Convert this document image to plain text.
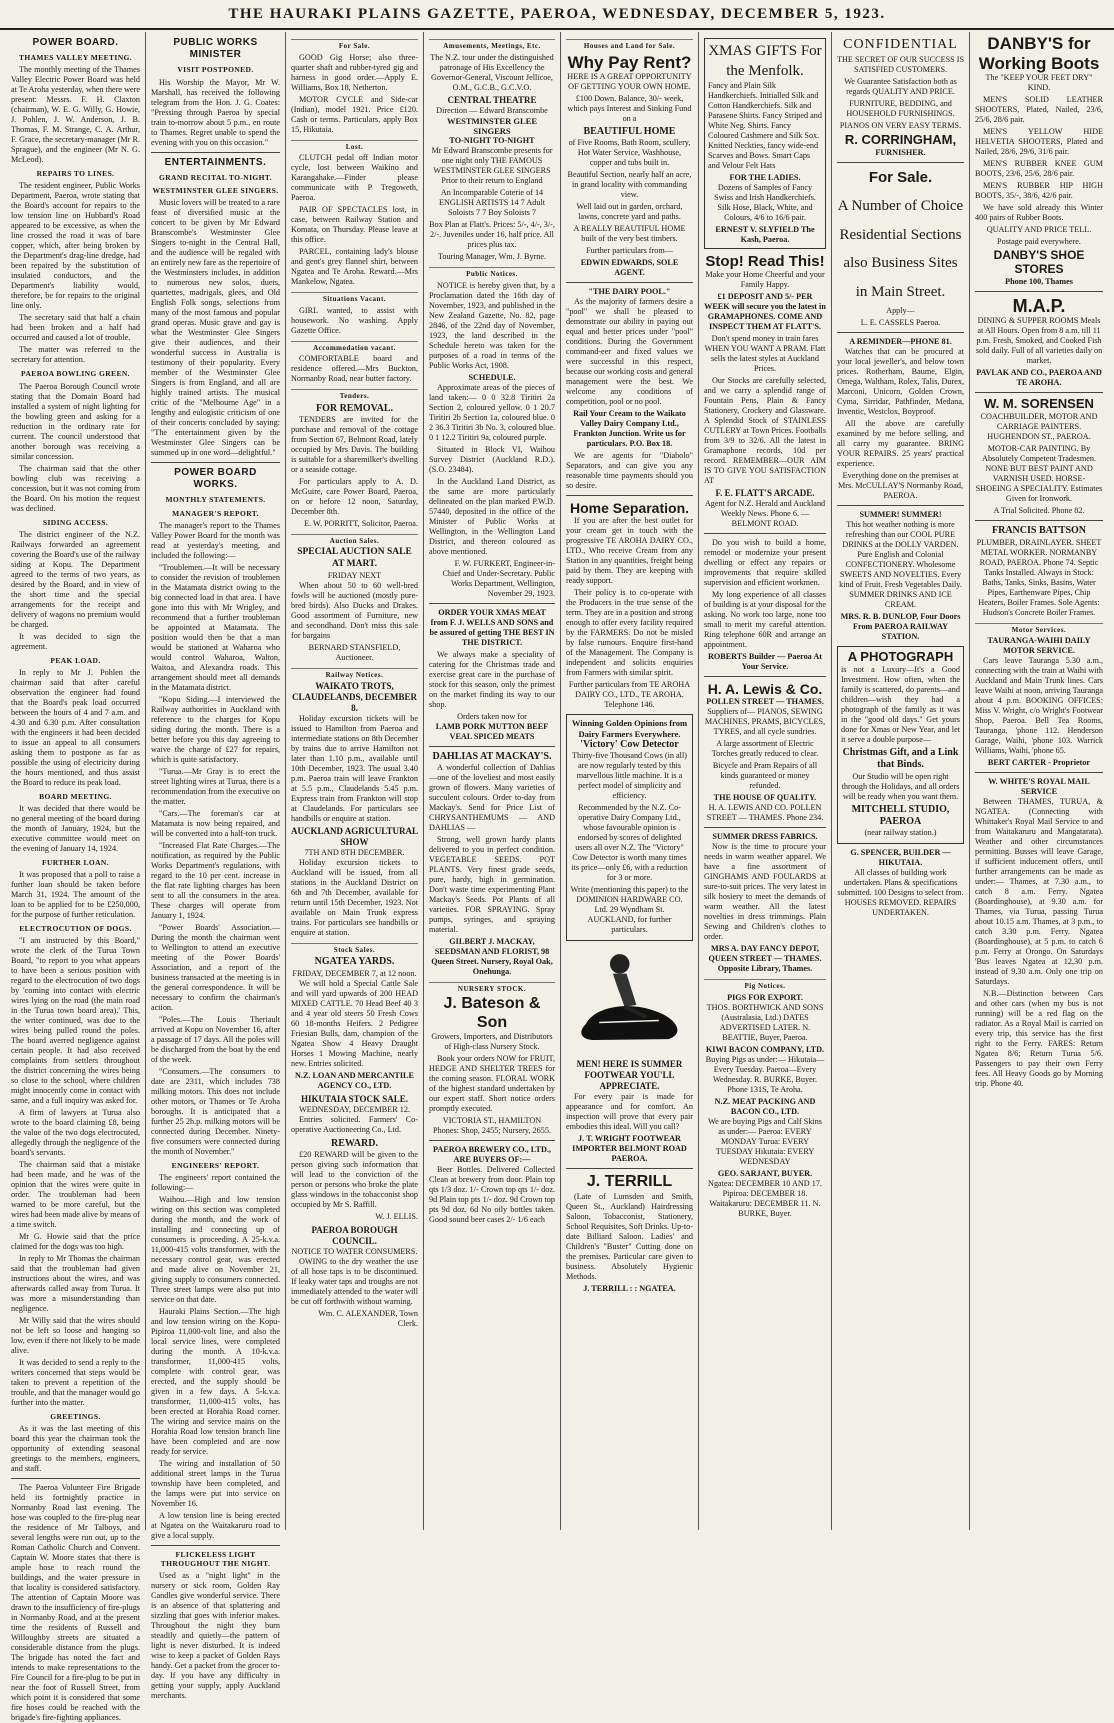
THE HAURAKI PLAINS GAZETTE, PAEROA, WEDNESDAY, DECEMBER 5, 1923.
POWER BOARD.
THAMES VALLEY MEETING.

The monthly meeting of the Thames Valley Electric Power Board was held at Te Aroha yesterday, when there were present: Messrs. F. H. Claxton (chairman), W. E. G. Willy, G. Howie, J. Pohlen, J. W. Anderson, J. B. Thomas, F. M. Strange, C. A. Arthur, F. Grace, the secretary-manager (Mr R. Sprague), and the engineer (Mr N. G. McLeod).

REPAIRS TO LINES.

The resident engineer, Public Works Department, Paeroa, wrote stating that the Board's account for repairs to the low tension line on Hubbard's Road appeared to be excessive, as when the line crossed the road it was of bare copper, which, after being broken by the Department's drag-line dredge, had been repaired by the substitution of insulated conductors, and the Department's liability would, therefore, be for repairs to the original line only.

The secretary said that half a chain had been broken and a half had occurred and caused a lot of trouble.

The matter was referred to the secretary for attention.

PAEROA BOWLING GREEN.

The Paeroa Borough Council wrote stating that the Domain Board had installed a system of night lighting for the bowling green and asking for a reduction in the ordinary rate for current. The council understood that another borough was receiving a similar concession.

The chairman said that the other bowling club was receiving a concession, but it was not coming from the Board. On his motion the request was declined.

SIDING ACCESS.

The district engineer of the N.Z. Railways forwarded an agreement covering the Board's use of the railway siding at Kopu. The Department agreed to the terms of two years, as desired by the Board, and in view of the short time and the special arrangements for the receipt and delivery of wagons no premium would be charged.

It was decided to sign the agreement.

PEAK LOAD.

In reply to Mr J. Pohlen the chairman said that after careful observation the engineer had found that the Board's peak load occurred between the hours of 4 and 7 a.m. and 4.30 and 6.30 p.m. After consultation with the engineers it had been decided to issue an appeal to all consumers asking them to postpone as far as possible the using of electricity during the hours mentioned, and thus assist the Board to reduce its peak load.

BOARD MEETING.

It was decided that there would be no general meeting of the board during the month of January, 1924, but the executive committee would meet on the evening of January 14, 1924.

FURTHER LOAN.

It was proposed that a poll to raise a further loan should be taken before March 31, 1924. The amount of the loan to be applied for to be £250,000, for the purpose of further reticulation.

ELECTROCUTION OF DOGS.

"I am instructed by this Board," wrote the clerk of the Turua Town Board, "to report to you what appears to have been a serious position with regard to the electrocution of two dogs by 'coming into contact with electric wires lying on the road (the main road in the Turua town board area).' This, the writer continued, was due to the wires being pulled round the poles. The board averred negligence against certain people. It had also received complaints from settlers throughout the district concerning the wires being so close to the school, where children might innocently come in contact with same, and a full inquiry was asked for.

A firm of lawyers at Turua also wrote to the board claiming £8, being the value of the two dogs electrocuted, allegedly through the negligence of the board's servants.

The chairman said that a mistake had been made, and he was of the opinion that the wires were quite in order. The troubleman had been warned to be more careful, but the wires had been made alive by means of a time switch.

Mr G. Howie said that the price claimed for the dogs was too high.

In reply to Mr Thomas the chairman said that the troubleman had given instructions about the wires, and was afterwards called away from Turua. It was more a misunderstanding than negligence.

Mr Willy said that the wires should not be left so loose and hanging so low, even if there not likely to be made alive.

It was decided to send a reply to the writers concerned that steps would be taken to prevent a repetition of the trouble, and that the manager would go further into the matter.

GREETINGS.

As it was the last meeting of this board this year the chairman took the opportunity of extending seasonal greetings to the members, engineers, and staff.

The Paeroa Volunteer Fire Brigade held its fortnightly practice in Normanby Road last evening. The hose was coupled to the fire-plug near the residence of Mr Talboys, and several lengths were run out, up to the Roman Catholic Church and Convent. Captain W. Moore states that there is ample hose to reach round the buildings, and the water pressure in that locality is considered satisfactory. The attention of Captain Moore was drawn to the insufficiency of fire-plugs in Normanby Road, and at the present time the residents of Russell and Willoughby streets are situated a considerable distance from the plugs. The brigade has noted the fact and intends to make representations to the Fire Council for a fire-plug to be put in near the foot of Russell Street, from which point it is considered that some fire hoses could be reached with the brigade's fire-fighting appliances.

PUBLIC WORKS MINISTER
VISIT POSTPONED.

His Worship the Mayor, Mr W. Marshall, has received the following telegram from the Hon. J. G. Coates: "Pressing through Paeroa by special train to-morrow about 5 p.m., en route to Thames. Regret unable to spend the evening with you on this occasion."

ENTERTAINMENTS.
GRAND RECITAL TO-NIGHT.
WESTMINSTER GLEE SINGERS.

Music lovers will be treated to a rare feast of diversified music at the concert to be given by Mr Edward Branscombe's Westminster Glee Singers to-night in the Central Hall, and the audience will be regaled with an entirely new fare as the repertoire of the Westminsters includes, in addition to numerous new solos, duets, quartettes, madrigals, glees, and Old English Folk songs, selections from many of the most famous and popular grand operas. Music grave and gay is what the Westminster Glee Singers give their audiences, and their wonderful success in Australia is testimony of their popularity. Every member of the Westminster Glee Singers is from England, and all are highly trained artists. The musical critic of the "Melbourne Age" in a lengthy and eulogistic criticism of one of their concerts concluded by saying: "The entertainment given by the Westminster Glee Singers can be summed up in one word—delightful."

POWER BOARD WORKS.
MONTHLY STATEMENTS.
MANAGER'S REPORT.

The manager's report to the Thames Valley Power Board for the month was read at yesterday's meeting, and included the following:—

"Troublemen.—It will be necessary to consider the revision of troublemen in the Matamata district owing to the big connected load in that area. I have gone into this with Mr Wrigley, and recommend that a further troubleman be appointed at Matamata. The position would then be that a man would be stationed at Waharoa who would control Waharoa, Walton, Waitoa, and Alexandra roads. This arrangement should meet all demands in the Matamata district.

"Kopu Siding.—I interviewed the Railway authorities in Auckland with reference to the charges for Kopu siding during the month. There is a better before you this day agreeing to waive the charge of £27 for repairs, which is quite satisfactory.

"Turua.—Mr Gray is to erect the street lighting wires at Turua, there is a recommendation from the executive on the matter.

"Cars.—The foreman's car at Matamata is now being repaired, and will be converted into a half-ton truck.

"Increased Flat Rate Charges.—The notification, as required by the Public Works Department's regulations, with regard to the 10 per cent. increase in the flat rate lighting charges has been sent to all the consumers in the area. These charges will operate from January 1, 1924.

"Power Boards' Association.—During the month the chairman went to Wellington to attend an executive meeting of the Power Boards' Association, and a report of the business transacted at the meeting is in the general correspondence. It will be necessary to confirm the chairman's action.

"Poles.—The Louis Theriault arrived at Kopu on November 16, after a passage of 17 days. All the poles will be discharged from the boat by the end of the week.

"Consumers.—The consumers to date are 2311, which includes 738 milking motors. This does not include other motors, or Thames or Te Aroha boroughs. It is anticipated that a further 25 2h.p. milking motors will be connected during December. Ninety-five consumers were connected during the month of November."

ENGINEERS' REPORT.

The engineers' report contained the following:—

Waihou.—High and low tension wiring on this section was completed during the month, and the work of installing and connecting up of consumers is proceeding. A 25-k.v.a. 11,000-415 volts transformer, with the necessary control gear, was erected and made alive on November 21, giving supply to consumers connected. Three street lamps were also put into service on that date.

Hauraki Plains Section.—The high and low tension wiring on the Kopu-Pipiroa 11,000-volt line, and also the local service lines, were completed during the month. A 10-k.v.a. transformer, 11,000-415 volts, complete with control gear, was erected, and the supply should be given in a few days. A 5-k.v.a. transformer, 11,000-415 volts, has been erected at Horahia Road corner. The wiring and service mains on the Horahia Road low tension branch line have been completed and are now ready for service.

The wiring and installation of 50 additional street lamps in the Turua township have been completed, and the lamps were put into service on November 16.

A low tension line is being erected at Ngatea on the Waitakaruru road to give a local supply.

FLICKELESS LIGHT THROUGHOUT THE NIGHT.

Used as a "night light" in the nursery or sick room, Golden Ray Candles give wonderful service. There is an absence of that splattering and sizzling that goes with inferior makes. Throughout the night they burn steadily and quietly—the pattern of light is never disturbed. It is indeed wise to keep a packet of Golden Rays handy. Get a packet from the grocer to-day. If you have any difficulty in getting your supply, apply Auckland merchants.

For Sale.

GOOD Gig Horse; also three-quarter shaft and rubber-tyred gig and harness in good order.—Apply E. Williams, Box 18, Netherton.

MOTOR CYCLE and Side-car (Indian), model 1921. Price £120. Cash or terms. Particulars, apply Box 15, Hikutaia.

Lost.

CLUTCH pedal off Indian motor cycle, lost between Waikino and Karangahake.—Finder please communicate with P Tregoweth, Paeroa.

PAIR OF SPECTACLES lost, in case, between Railway Station and Komata, on Thursday. Please leave at this office.

PARCEL, containing lady's blouse and gent's grey flannel shirt, between Ngatea and Te Aroha. Reward.—Mrs Mankelow, Ngatea.

Situations Vacant.

GIRL wanted, to assist with housework. No washing. Apply Gazette Office.

Accommodation vacant.

COMFORTABLE board and residence offered.—Mrs Buckton, Normanby Road, near butter factory.

Tenders.
FOR REMOVAL.

TENDERS are invited for the purchase and removal of the cottage from Section 67, Belmont Road, lately occupied by Mrs Davis. The building is suitable for a sharemilker's dwelling or a seaside cottage.

For particulars apply to A. D. McGuire, care Power Board, Paeroa, on or before 12 noon, Saturday, December 8th.

E. W. PORRITT, Solicitor, Paeroa.

Auction Sales.
SPECIAL AUCTION SALE AT MART.
FRIDAY NEXT

When about 50 to 60 well-bred fowls will be auctioned (mostly pure-bred birds). Also Ducks and Drakes. Good assortment of Furniture, new and secondhand. Don't miss this sale for bargains

BERNARD STANSFIELD, Auctioneer.

Railway Notices.
WAIKATO TROTS, CLAUDELANDS, DECEMBER 8.

Holiday excursion tickets will be issued to Hamilton from Paeroa and intermediate stations on 8th December by trains due to arrive Hamilton not later than 1.10 p.m., available until 10th December, 1923. The usual 3.40 p.m. Paeroa train will leave Frankton at 5.5 p.m., Claudelands 5.45 p.m. Express train from Frankton will stop at Claudelands. For particulars see handbills or enquire at station.

AUCKLAND AGRICULTURAL SHOW
7TH AND 8TH DECEMBER.

Holiday excursion tickets to Auckland will be issued, from all stations in the Auckland District on 6th and 7th December, available for return until 15th December, 1923. Not available on Main Trunk express trains. For particulars see handbills or enquire at station.

Stock Sales.
NGATEA YARDS.
FRIDAY, DECEMBER 7, at 12 noon.

We will hold a Special Cattle Sale and will yard upwards of 200 HEAD MIXED CATTLE. 70 Head Beef 40 3 and 4 year old steers 50 Fresh Cows 60 18-months Heifers. 2 Pedigree Friesian Bulls, dam, champion of the Ngatea Show 4 Heavy Draught Horses 1 Mowing Machine, nearly new. Entries solicited.

N.Z. LOAN AND MERCANTILE AGENCY CO., LTD.

HIKUTAIA STOCK SALE.
WEDNESDAY, DECEMBER 12.

Entries solicited. Farmers' Co-operative Auctioneering Co., Ltd.

REWARD.

£20 REWARD will be given to the person giving such information that will lead to the conviction of the person or persons who broke the plate glass windows in the tobacconist shop occupied by Mr S. Raffill.

W. J. ELLIS.

PAEROA BOROUGH COUNCIL.
NOTICE TO WATER CONSUMERS.

OWING to the dry weather the use of all hose taps is to be discontinued. If leaky water taps and troughs are not immediately attended to the water will be cut off forthwith without warning.

Wm. C. ALEXANDER, Town Clerk.

Amusements, Meetings, Etc.

The N.Z. tour under the distinguished patronage of His Excellency the Governor-General, Viscount Jellicoe, O.M., G.C.B., G.C.V.O.

CENTRAL THEATRE
Direction — Edward Branscombe
WESTMINSTER GLEE SINGERS
TO-NIGHT TO-NIGHT

Mr Edward Branscombe presents for one night only THE FAMOUS WESTMINSTER GLEE SINGERS Prior to their return to England

An Incomparable Coterie of 14 ENGLISH ARTISTS 14 7 Adult Soloists 7 7 Boy Soloists 7

Box Plan at Flatt's. Prices: 5/-, 4/-, 3/-, 2/-. Juveniles under 16, half price. All prices plus tax.

Touring Manager, Wm. J. Byrne.

Public Notices.

NOTICE is hereby given that, by a Proclamation dated the 16th day of November, 1923, and published in the New Zealand Gazette, No. 82, page 2846, of the 22nd day of November, 1923, the land described in the Schedule hereto was taken for the purposes of a road in terms of the Public Works Act, 1908.

SCHEDULE.

Approximate areas of the pieces of land taken:— 0 0 32.8 Tiritiri 2a Section 2, coloured yellow. 0 1 20.7 Tiritiri 2b Section 1a, coloured blue. 0 2 36.3 Tiritiri 3b No. 3, coloured blue. 0 1 12.2 Tiritiri 9a, coloured purple.

Situated in Block VI, Waihou Survey District (Auckland R.D.). (S.O. 23484).

In the Auckland Land District, as the same are more particularly delineated on the plan marked P.W.D. 57440, deposited in the office of the Minister of Public Works at Wellington, in the Wellington Land District, and thereon coloured as above mentioned.

F. W. FURKERT, Engineer-in-Chief and Under-Secretary. Public Works Department, Wellington, November 29, 1923.

ORDER YOUR XMAS MEAT from F. J. WELLS AND SONS and be assured of getting THE BEST IN THE DISTRICT.

We always make a speciality of catering for the Christmas trade and exercise great care in the purchase of stock for this season, only the primest on the market finding its way to our shop.

Orders taken now for

LAMB PORK MUTTON BEEF VEAL SPICED MEATS

DAHLIAS AT MACKAY'S.

A wonderful collection of Dahlias—one of the loveliest and most easily grown of flowers. Many varieties of succulent colours. Order to-day from Mackay's. Send for Price List of CHRYSANTHEMUMS — AND DAHLIAS —

Strong, well grown hardy plants delivered to you in perfect condition. VEGETABLE SEEDS. POT PLANTS. Very finest grade seeds, pure, hardy, high in germination. Don't waste time experimenting Plant Mackay's Seeds. Pot Plants of all varieties. FOR SPRAYING. Spray pumps, syringes, and spraying material.

GILBERT J. MACKAY, SEEDSMAN AND FLORIST, 98 Queen Street. Nursery, Royal Oak, Onehunga.

NURSERY STOCK.
J. Bateson & Son

Growers, Importers, and Distributors of High-class Nursery Stock.

Book your orders NOW for FRUIT, HEDGE AND SHELTER TREES for the coming season. FLORAL WORK of the highest standard undertaken by our expert staff. Short notice orders promptly executed.

VICTORIA ST., HAMILTON Phones: Shop, 2455; Nursery, 2655.

PAEROA BREWERY CO., LTD., ARE BUYERS OF:—

Beer Bottles. Delivered Collected Clean at brewery from door. Plain top qts 1/3 doz. 1/- Crown top qts 1/- doz. 9d Plain top pts 1/- doz. 9d Crown top pts 9d doz. 6d No oily bottles taken. Good sound beer cases 2/- 1/6 each

Houses and Land for Sale.
Why Pay Rent?

HERE IS A GREAT OPPORTUNITY OF GETTING YOUR OWN HOME.

£100 Down. Balance, 30/- week, which pays Interest and Sinking Fund on a

BEAUTIFUL HOME

of Five Rooms, Bath Room, scullery, Hot Water Service, Washhouse, copper and tubs built in.

Beautiful Section, nearly half an acre, in grand locality with commanding view.

Well laid out in garden, orchard, lawns, concrete yard and paths.

A REALLY BEAUTIFUL HOME built of the very best timbers.

Further particulars from—

EDWIN EDWARDS, SOLE AGENT.

"THE DAIRY POOL."

As the majority of farmers desire a "pool" we shall be pleased to demonstrate our ability in paying out equal and better prices under "pool" conditions. During the Government command-eer and fixed values we were successful in this respect, because our working costs and general management were the best. We welcome any conditions of competition, pool or no pool.

Rail Your Cream to the Waikato Valley Dairy Company Ltd., Frankton Junction. Write us for particulars. P.O. Box 18.

We are agents for "Diabolo" Separators, and can give you any reasonable time payments should you so desire.

Home Separation.

If you are after the best outlet for your cream get in touch with the progressive TE AROHA DAIRY CO., LTD., Who receive Cream from any Station in any quantities, freight being paid by them. They are keeping with ready support.

Their policy is to co-operate with the Producers in the true sense of the term. They are in a position and strong enough to offer every facility required by the FARMERS. Do not be misled by false rumours. Enquire first-hand of the Management. The Company is independent and solicits enquiries from Farmers with similar spirit.

Further particulars from TE AROHA DAIRY CO., LTD., TE AROHA. Telephone 146.

Winning Golden Opinions from Dairy Farmers Everywhere.
'Victory' Cow Detector

Thirty-five Thousand Cows (in all) are now regularly tested by this marvellous little machine. It is a perfect model of simplicity and efficiency.

Recommended by the N.Z. Co-operative Dairy Company Ltd., whose favourable opinion is endorsed by scores of delighted users all over N.Z. The "Victory" Cow Detector is worth many times its price—only £6, with a reduction for 3 or more.

Write (mentioning this paper) to the DOMINION HARDWARE CO. Ltd. 29 Wyndham St. AUCKLAND, for further particulars.

MEN! HERE IS SUMMER FOOTWEAR YOU'LL APPRECIATE.

For every pair is made for appearance and for comfort. An inspection will prove that every pair embodies this ideal. Will you call?

J. T. WRIGHT FOOTWEAR IMPORTER BELMONT ROAD PAEROA.

J. TERRILL

(Late of Lumsden and Smith, Queen St., Auckland) Hairdressing Saloon, Tobacconist, Stationery, School Requisites, Soft Drinks. Up-to-date Billiard Saloon. Ladies' and Children's "Buster" Cutting done on the premises. Particular care given to business. Absolutely Hygienic Methods.

J. TERRILL : : NGATEA.

XMAS GIFTS For the Menfolk.

Fancy and Plain Silk Handkerchiefs. Initialled Silk and Cotton Handkerchiefs. Silk and Parasene Shirts. Fancy Striped and White Neg. Shirts. Fancy Coloured Cashmere and Silk Sox. Knitted Neckties, fancy wide-end Scarves and Bows. Smart Caps and Velour Felt Hats

FOR THE LADIES.

Dozens of Samples of Fancy Swiss and Irish Handkerchiefs. Silk Hose, Black, White, and Colours, 4/6 to 16/6 pair.

ERNEST V. SLYFIELD The Kash, Paeroa.
Stop! Read This!

Make your Home Cheerful and your Family Happy.

£1 DEPOSIT AND 5/- PER WEEK will secure you the latest in GRAMAPHONES. COME AND INSPECT THEM AT FLATT'S.

Don't spend money in train fares WHEN YOU WANT A PRAM. Flatt sells the latest styles at Auckland Prices.

Our Stocks are carefully selected, and we carry a splendid range of Fountain Pens, Plain & Fancy Stationery, Crockery and Glassware. A Splendid Stock of STAINLESS CUTLERY at Town Prices. Footballs from 3/9 to 32/6. All the latest in Gramaphone records, 10d per record. REMEMBER—OUR AIM IS TO GIVE YOU SATISFACTION AT

F. E. FLATT'S ARCADE.

Agent for N.Z. Herald and Auckland Weekly News. Phone 6. — BELMONT ROAD.

Do you wish to build a home, remodel or modernize your present dwelling or effect any repairs or improvements that require skilled supervision and efficient workmen.

My long experience of all classes of building is at your disposal for the asking. No work too large, none too small to merit my careful attention. Ring telephone 60R and arrange an appointment.

ROBERTS Builder — Paeroa At Your Service.

H. A. Lewis & Co.
POLLEN STREET — THAMES.

Suppliers of— PIANOS, SEWING MACHINES, PRAMS, BICYCLES, TYRES, and all cycle sundries.

A large assortment of Electric Torches greatly reduced to clear.

Bicycle and Pram Repairs of all kinds guaranteed or money refunded.

THE HOUSE OF QUALITY.

H. A. LEWIS AND CO. POLLEN STREET — THAMES. Phone 234.

SUMMER DRESS FABRICS.

Now is the time to procure your needs in warm weather apparel. We have a fine assortment of GINGHAMS AND FOULARDS at sure-to-suit prices. The very latest in silk hosiery to meet the demands of warm weather. All the latest novelties in dress trimmings. Plain Sewing and Children's clothes to order.

MRS A. DAY FANCY DEPOT, QUEEN STREET — THAMES. Opposite Library, Thames.

Pig Notices.
PIGS FOR EXPORT.

THOS. BORTHWICK AND SONS (Australasia, Ltd.) DATES ADVERTISED LATER. N. BEATTIE, Buyer, Paeroa.

KIWI BACON COMPANY, LTD.

Buying Pigs as under:— Hikutaia—Every Tuesday. Paeroa—Every Wednesday. R. BURKE, Buyer. Phone 131S, Te Aroha.

N.Z. MEAT PACKING AND BACON CO., LTD.

We are buying Pigs and Calf Skins as under:— Paeroa: EVERY MONDAY Turua: EVERY TUESDAY Hikutaia: EVERY WEDNESDAY

GEO. SARJANT, BUYER.

Ngatea: DECEMBER 10 AND 17. Pipiroa: DECEMBER 18. Waitakaruru: DECEMBER 11. N. BURKE, Buyer.

CONFIDENTIAL

THE SECRET OF OUR SUCCESS IS SATISFIED CUSTOMERS.

We Guarantee Satisfaction both as regards QUALITY AND PRICE.

FURNITURE, BEDDING, and HOUSEHOLD FURNISHINGS.

PIANOS ON VERY EASY TERMS.

R. CORRINGHAM,
FURNISHER.
For Sale.
A Number of Choice Residential Sections also Business Sites in Main Street.

Apply—

L. E. CASSELS Paeroa.

A REMINDER—PHONE 81.

Watches that can be procured at your local jeweller's, and below town prices. Rotherham, Baume, Elgin, Omega, Waltham, Rolex, Talis, Durex, Marconi, Unicorn, Golden Crown, Cyma, Sirridar, Pathfinder, Medana, Inventic, Westclox, Boyproof.

All the above are carefully examined by me before selling, and all carry my guarantee. BRING YOUR REPAIRS. 25 years' practical experience.

Everything done on the premises at Mrs. McCULLAY'S Normanby Road, PAEROA.

SUMMER! SUMMER!

This hot weather nothing is more refreshing than our COOL PURE DRINKS at the DOLLY VARDEN. Pure English and Colonial CONFECTIONERY. Wholesome SWEETS AND NOVELTIES. Every kind of Fruit. Fresh Vegetables Daily. SUMMER DRINKS AND ICE CREAM.

MRS. R. B. DUNLOP, Four Doors From PAEROA RAILWAY STATION.

A PHOTOGRAPH

is not a Luxury—It's a Good Investment. How often, when the family is scattered, do parents—and children—wish they had a photograph of the family as it was in the "good old days." Get yours done for Xmas or New Year, and let it serve a double purpose—

Christmas Gift, and a Link that Binds.

Our Studio will be open right through the Holidays, and all orders will be ready when you want them.

MITCHELL STUDIO, PAEROA

(near railway station.)

G. SPENCER, BUILDER — HIKUTAIA.

All classes of building work undertaken. Plans & specifications submitted. 100 Designs to select from. HOUSES REMOVED. REPAIRS UNDERTAKEN.

DANBY'S for Working Boots

The "KEEP YOUR FEET DRY" KIND.

MEN'S SOLID LEATHER SHOOTERS, Plated, Nailed, 23/6, 25/6, 28/6 pair.

MEN'S YELLOW HIDE HELVETIA SHOOTERS, Plated and Nailed, 28/6, 29/6, 31/6 pair.

MEN'S RUBBER KNEE GUM BOOTS, 23/6, 25/6, 28/6 pair.

MEN'S RUBBER HIP HIGH BOOTS, 35/-, 38/6, 42/6 pair.

We have sold already this Winter 400 pairs of Rubber Boots.

QUALITY AND PRICE TELL.

Postage paid everywhere.

DANBY'S SHOE STORES
Phone 100, Thames
M.A.P.

DINING & SUPPER ROOMS Meals at All Hours. Open from 8 a.m. till 11 p.m. Fresh, Smoked, and Cooked Fish sold daily. Full of all varieties daily on market.

PAVLAK AND CO., PAEROA AND TE AROHA.

W. M. SORENSEN

COACHBUILDER, MOTOR AND CARRIAGE PAINTERS. HUGHENDON ST., PAEROA.

MOTOR-CAR PAINTING. By Absolutely Competent Tradesmen. NONE BUT BEST PAINT AND VARNISH USED. HORSE-SHOEING A SPECIALITY. Estimates Given for Ironwork.

A Trial Solicited. Phone 82.

FRANCIS BATTSON

PLUMBER, DRAINLAYER. SHEET METAL WORKER. NORMANBY ROAD, PAEROA. Phone 74. Septic Tanks Installed. Always in Stock: Baths, Tanks, Sinks, Basins, Water Pipes, Earthenware Pipes, Chip Heaters, Boiler Frames. Sole Agents: Hudson's Concrete Boiler Frames.

Motor Services.
TAURANGA-WAIHI DAILY MOTOR SERVICE.

Cars leave Tauranga 5.30 a.m., connecting with the train at Waihi with Auckland and Main Trunk lines. Cars leave Waihi at noon, arriving Tauranga about 4 p.m. BOOKING OFFICES: Miss V. Wright, c/o Wright's Footwear Shop, Paeroa. Bell Tea Rooms, Tauranga, 'phone 112. Henderson Garage, Waihi, 'phone 103. Warrick Williams, Waihi, 'phone 65.

BERT CARTER - Proprietor

W. WHITE'S ROYAL MAIL SERVICE

Between THAMES, TURUA, & NGATEA. (Connecting with Whittaker's Royal Mail Service to and from Waitakaruru and Mangatarata). Weather and other circumstances permitting. Busses will leave Garage, if sufficient inducement offers, until further arrangements can be made as under:— Thames, at 7.30 a.m., to catch 8 a.m. Ferry. Ngatea (Boardinghouse), at 9.30 a.m. for Thames, via Turua, passing Turua about 10.15 a.m. Thames, at 3 p.m., to catch 3.30 p.m. Ferry. Ngatea (Boardinghouse), at 5 p.m. to catch 6 p.m. Ferry at Orongo. On Saturdays 'Bus leaves Ngatea at 12.30 p.m. instead of 9.30 a.m. Only one trip on Saturdays.

N.B.—Distinction between Cars and other cars (when my bus is not running) will be a red flag on the radiator. As a Royal Mail is carried on every trip, this service has the first right to the Ferry. FARES: Return Ngatea 8/6; Return Turua 5/6. Passengers to pay their own Ferry fees. All Heavy Goods go by Morning trip. Phone 40.
